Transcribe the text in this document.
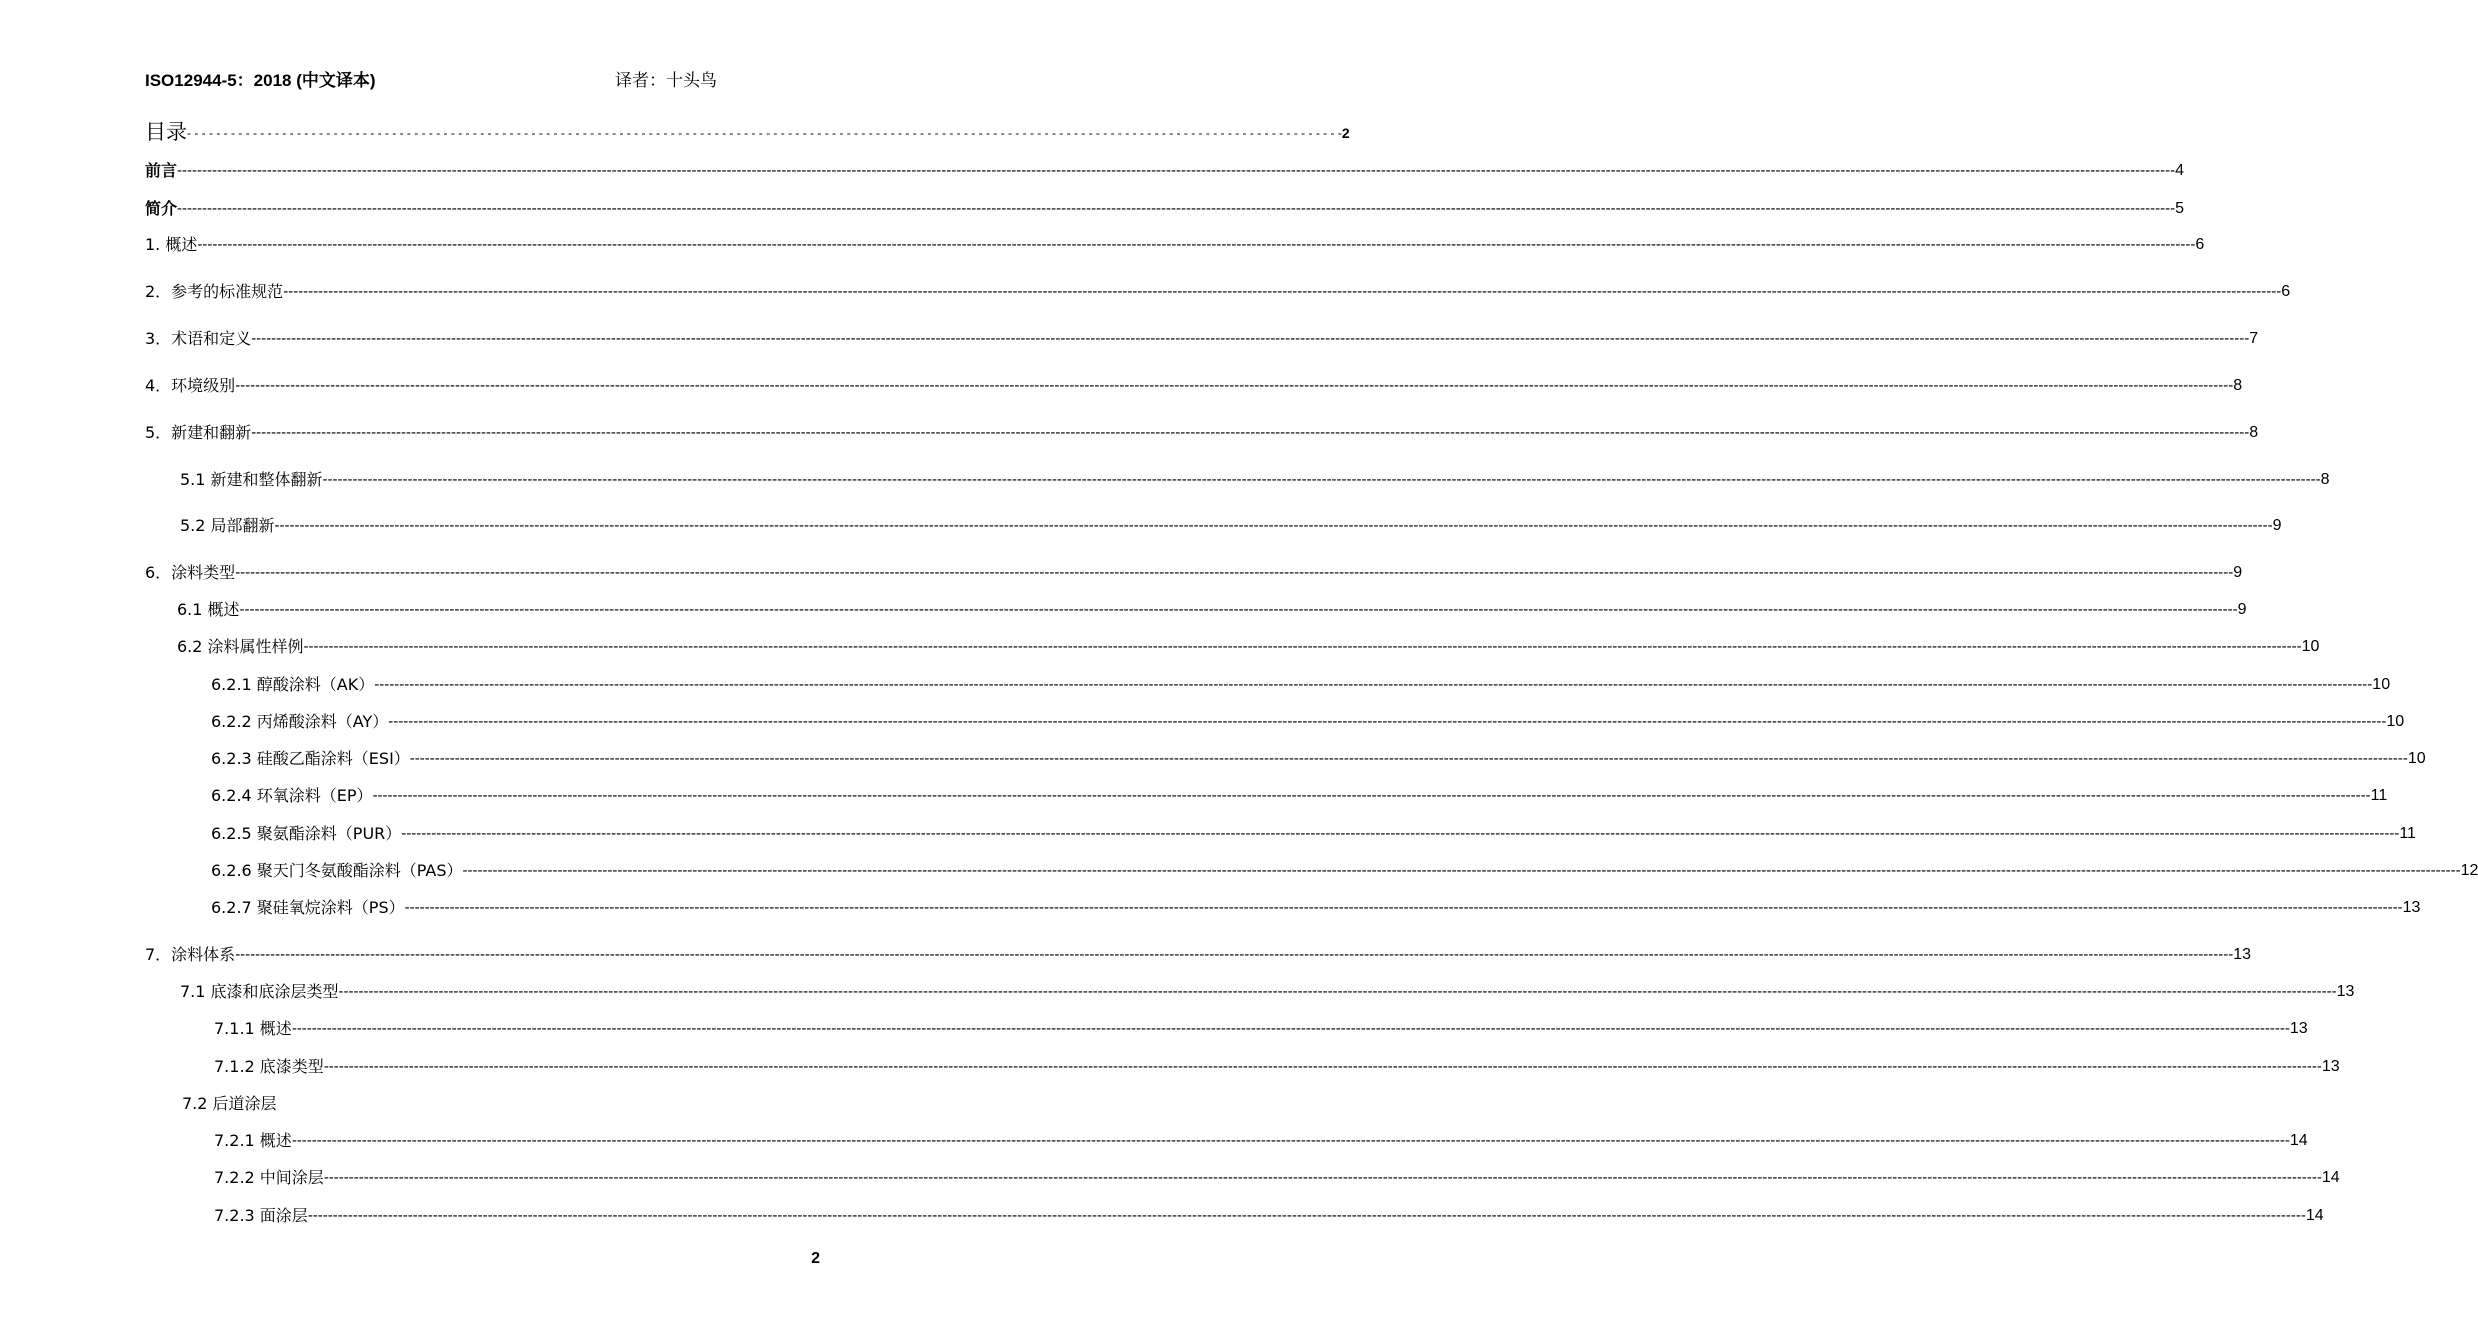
ISO12944-5：2018 (中文译本)	译者：十头鸟
目录 - - - - - - - - - - - - - - - - - - - - - - - - - - - - - - - - - - - - - - - - - - - - - - - - - - - - - - - - - - - - - - - - - - - - - - - - - - - - - - - - - - - - - - - - - - - - - - - - - - - - - - - - - - - - - - - - - - - - - - - - - - - - - - - - - - - - - - - - - - - - - - - - - - - - - - - - - - - - - - 2
前言 ---------------------------------------------------------------------------------------------------------------------------------------------------------------------------------------------------------------------------------------------------------------------------------------------------------------------------------------------------------------------------------------------------------------- 4
简介 ---------------------------------------------------------------------------------------------------------------------------------------------------------------------------------------------------------------------------------------------------------------------------------------------------------------------------------------------------------------------------------------------------------------- 5
1. 概述 ---------------------------------------------------------------------------------------------------------------------------------------------------------------------------------------------------------------------------------------------------------------------------------------------------------------------------------------------------------------------------------------------------------------- 6
2．参考的标准规范 ---------------------------------------------------------------------------------------------------------------------------------------------------------------------------------------------------------------------------------------------------------------------------------------------------------------------------------------------------------------------------------------------------------------- 6
3．术语和定义 ---------------------------------------------------------------------------------------------------------------------------------------------------------------------------------------------------------------------------------------------------------------------------------------------------------------------------------------------------------------------------------------------------------------- 7
4．环境级别 ---------------------------------------------------------------------------------------------------------------------------------------------------------------------------------------------------------------------------------------------------------------------------------------------------------------------------------------------------------------------------------------------------------------- 8
5．新建和翻新 ---------------------------------------------------------------------------------------------------------------------------------------------------------------------------------------------------------------------------------------------------------------------------------------------------------------------------------------------------------------------------------------------------------------- 8
5.1 新建和整体翻新 ---------------------------------------------------------------------------------------------------------------------------------------------------------------------------------------------------------------------------------------------------------------------------------------------------------------------------------------------------------------------------------------------------------------- 8
5.2 局部翻新 ---------------------------------------------------------------------------------------------------------------------------------------------------------------------------------------------------------------------------------------------------------------------------------------------------------------------------------------------------------------------------------------------------------------- 9
6．涂料类型 ---------------------------------------------------------------------------------------------------------------------------------------------------------------------------------------------------------------------------------------------------------------------------------------------------------------------------------------------------------------------------------------------------------------- 9
6.1 概述 ---------------------------------------------------------------------------------------------------------------------------------------------------------------------------------------------------------------------------------------------------------------------------------------------------------------------------------------------------------------------------------------------------------------- 9
6.2 涂料属性样例 ---------------------------------------------------------------------------------------------------------------------------------------------------------------------------------------------------------------------------------------------------------------------------------------------------------------------------------------------------------------------------------------------------------------- 10
6.2.1 醇酸涂料（AK） ---------------------------------------------------------------------------------------------------------------------------------------------------------------------------------------------------------------------------------------------------------------------------------------------------------------------------------------------------------------------------------------------------------------- 10
6.2.2 丙烯酸涂料（AY） ---------------------------------------------------------------------------------------------------------------------------------------------------------------------------------------------------------------------------------------------------------------------------------------------------------------------------------------------------------------------------------------------------------------- 10
6.2.3 硅酸乙酯涂料（ESI） ---------------------------------------------------------------------------------------------------------------------------------------------------------------------------------------------------------------------------------------------------------------------------------------------------------------------------------------------------------------------------------------------------------------- 10
6.2.4 环氧涂料（EP） ---------------------------------------------------------------------------------------------------------------------------------------------------------------------------------------------------------------------------------------------------------------------------------------------------------------------------------------------------------------------------------------------------------------- 11
6.2.5 聚氨酯涂料（PUR） ---------------------------------------------------------------------------------------------------------------------------------------------------------------------------------------------------------------------------------------------------------------------------------------------------------------------------------------------------------------------------------------------------------------- 11
6.2.6 聚天门冬氨酸酯涂料（PAS） ---------------------------------------------------------------------------------------------------------------------------------------------------------------------------------------------------------------------------------------------------------------------------------------------------------------------------------------------------------------------------------------------------------------- 12
6.2.7 聚硅氧烷涂料（PS） ---------------------------------------------------------------------------------------------------------------------------------------------------------------------------------------------------------------------------------------------------------------------------------------------------------------------------------------------------------------------------------------------------------------- 13
7．涂料体系 ---------------------------------------------------------------------------------------------------------------------------------------------------------------------------------------------------------------------------------------------------------------------------------------------------------------------------------------------------------------------------------------------------------------- 13
7.1 底漆和底涂层类型 ---------------------------------------------------------------------------------------------------------------------------------------------------------------------------------------------------------------------------------------------------------------------------------------------------------------------------------------------------------------------------------------------------------------- 13
7.1.1 概述 ---------------------------------------------------------------------------------------------------------------------------------------------------------------------------------------------------------------------------------------------------------------------------------------------------------------------------------------------------------------------------------------------------------------- 13
7.1.2 底漆类型 ---------------------------------------------------------------------------------------------------------------------------------------------------------------------------------------------------------------------------------------------------------------------------------------------------------------------------------------------------------------------------------------------------------------- 13
7.2 后道涂层
7.2.1 概述 ---------------------------------------------------------------------------------------------------------------------------------------------------------------------------------------------------------------------------------------------------------------------------------------------------------------------------------------------------------------------------------------------------------------- 14
7.2.2 中间涂层 ---------------------------------------------------------------------------------------------------------------------------------------------------------------------------------------------------------------------------------------------------------------------------------------------------------------------------------------------------------------------------------------------------------------- 14
7.2.3 面涂层 ---------------------------------------------------------------------------------------------------------------------------------------------------------------------------------------------------------------------------------------------------------------------------------------------------------------------------------------------------------------------------------------------------------------- 14
2
